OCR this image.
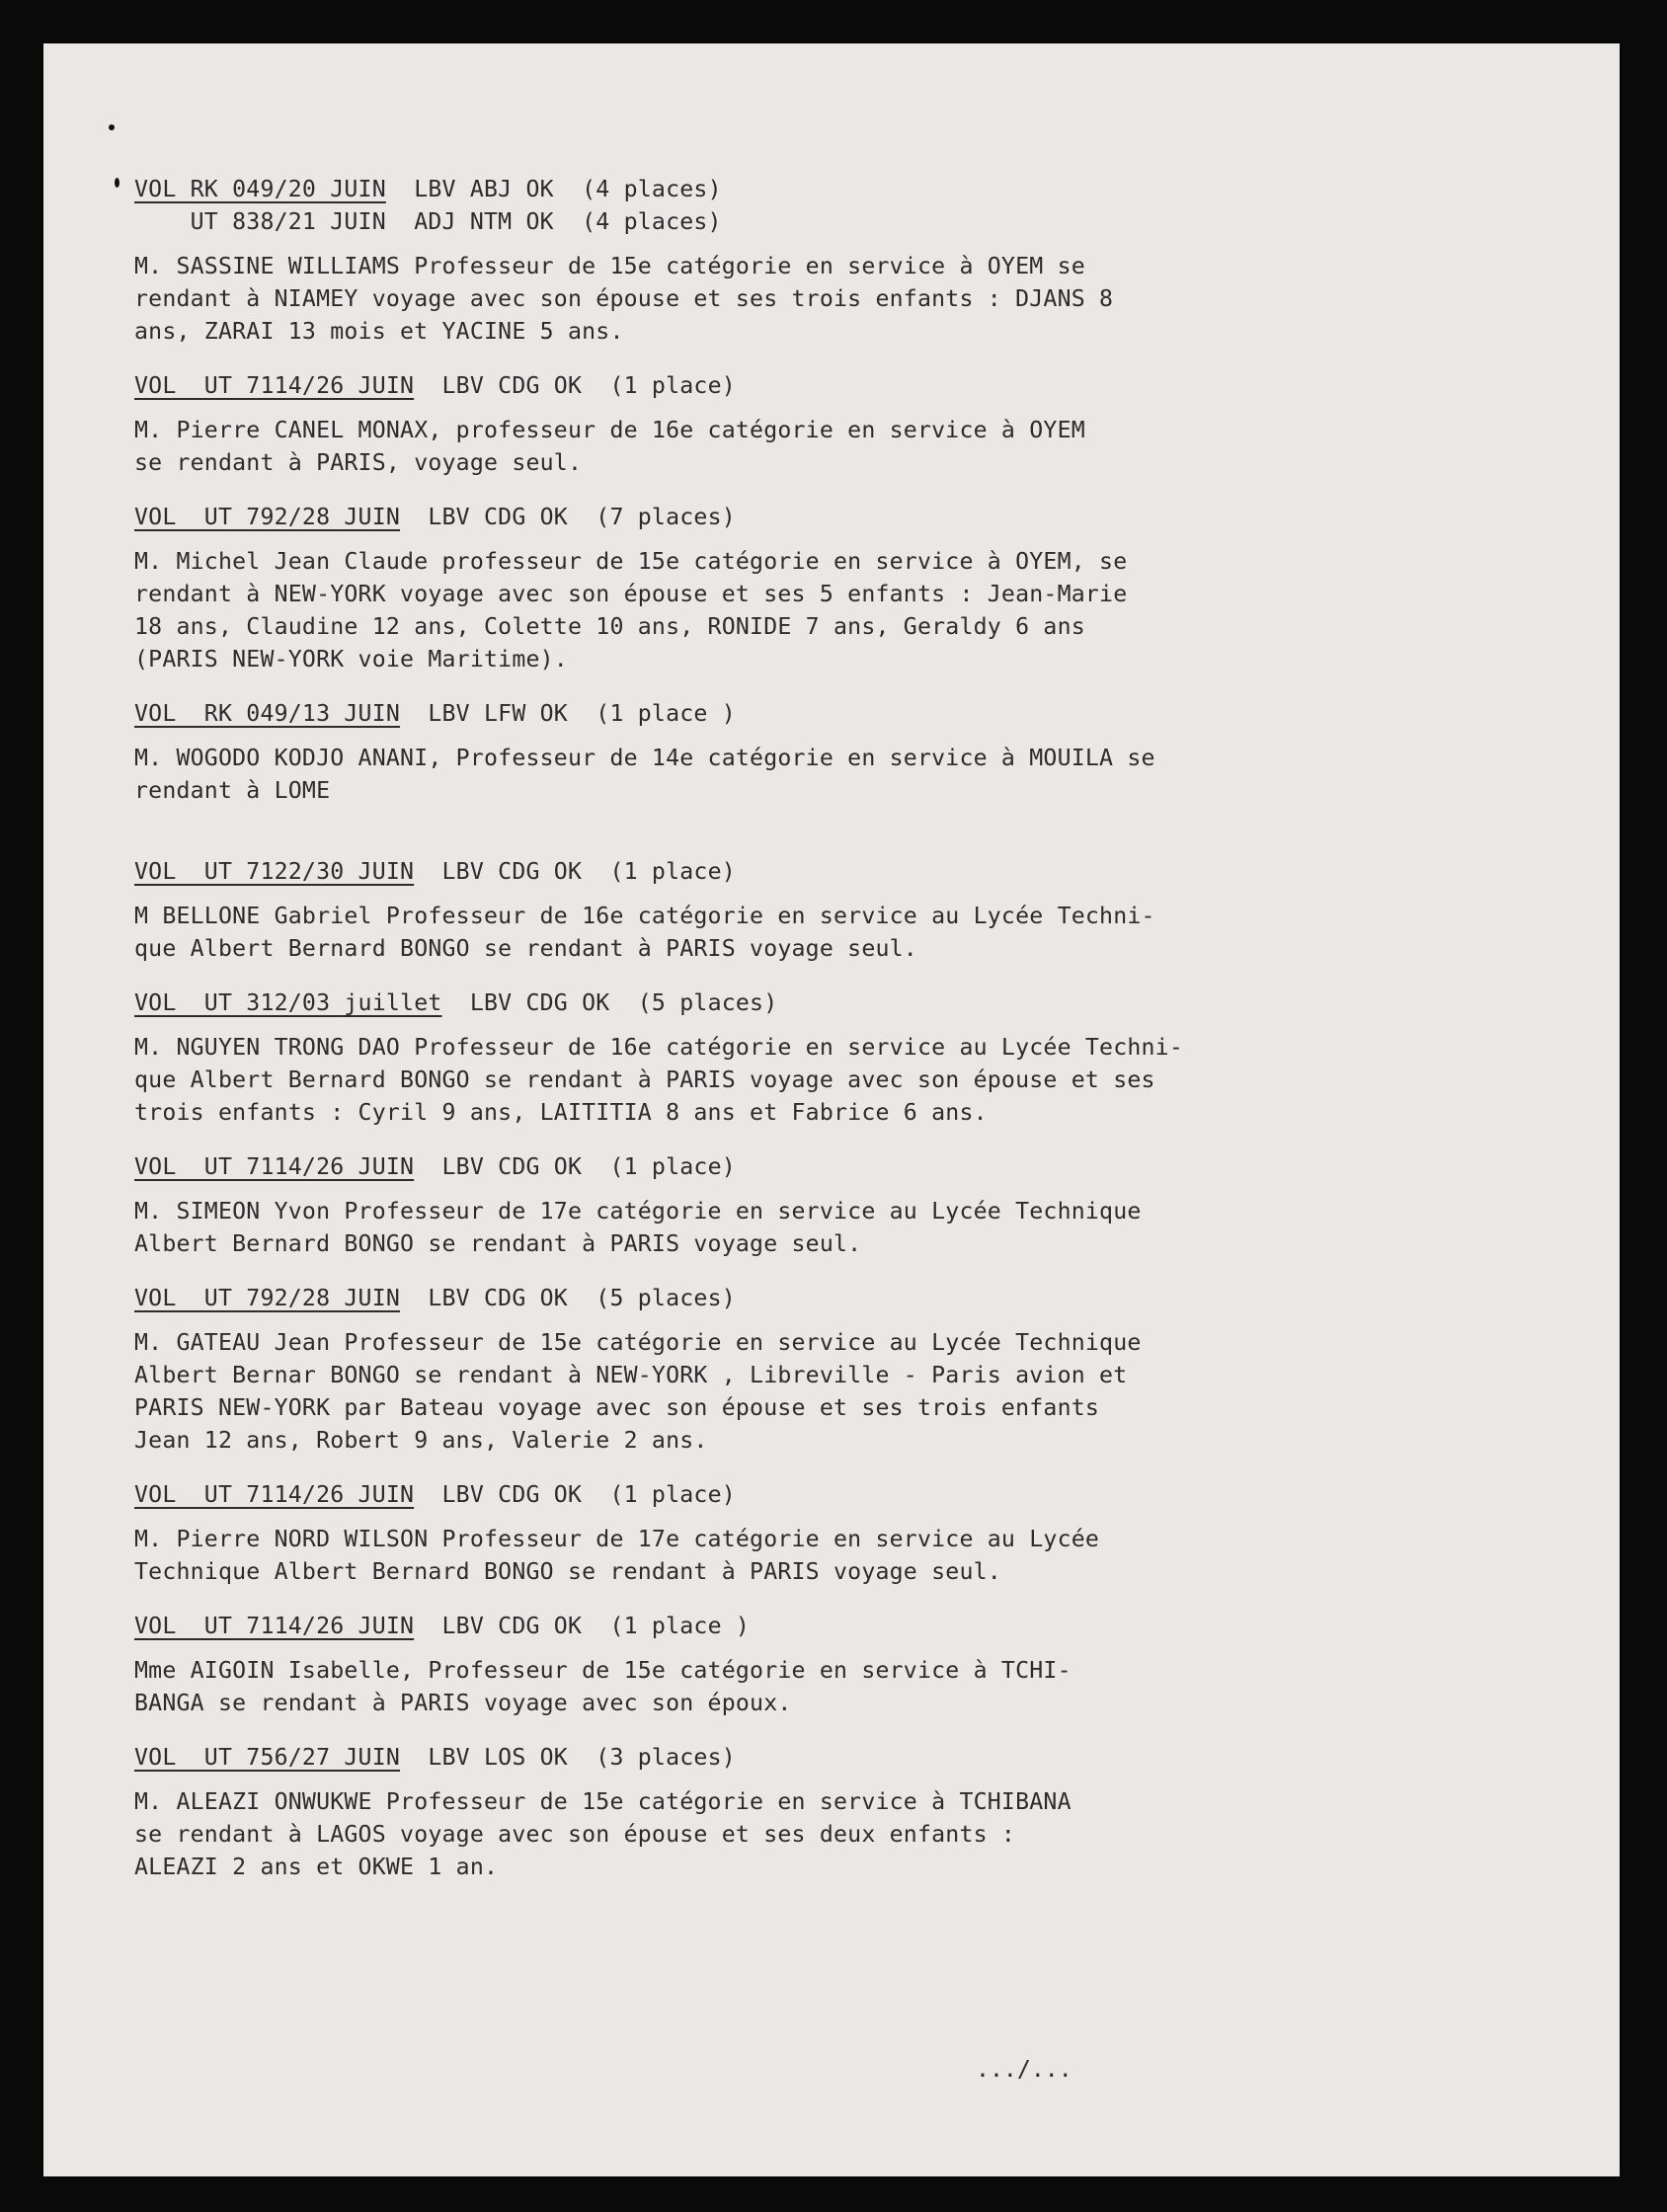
VOL RK 049/20 JUIN  LBV ABJ OK  (4 places)
UT 838/21 JUIN  ADJ NTM OK  (4 places)
M. SASSINE WILLIAMS Professeur de 15e catégorie en service à OYEM se
rendant à NIAMEY voyage avec son épouse et ses trois enfants : DJANS 8
ans, ZARAI 13 mois et YACINE 5 ans.
VOL  UT 7114/26 JUIN  LBV CDG OK  (1 place)
M. Pierre CANEL MONAX, professeur de 16e catégorie en service à OYEM
se rendant à PARIS, voyage seul.
VOL  UT 792/28 JUIN  LBV CDG OK  (7 places)
M. Michel Jean Claude professeur de 15e catégorie en service à OYEM, se
rendant à NEW-YORK voyage avec son épouse et ses 5 enfants : Jean-Marie
18 ans, Claudine 12 ans, Colette 10 ans, RONIDE 7 ans, Geraldy 6 ans
(PARIS NEW-YORK voie Maritime).
VOL  RK 049/13 JUIN  LBV LFW OK  (1 place )
M. WOGODO KODJO ANANI, Professeur de 14e catégorie en service à MOUILA se
rendant à LOME
VOL  UT 7122/30 JUIN  LBV CDG OK  (1 place)
M BELLONE Gabriel Professeur de 16e catégorie en service au Lycée Techni-
que Albert Bernard BONGO se rendant à PARIS voyage seul.
VOL  UT 312/03 juillet  LBV CDG OK  (5 places)
M. NGUYEN TRONG DAO Professeur de 16e catégorie en service au Lycée Techni-
que Albert Bernard BONGO se rendant à PARIS voyage avec son épouse et ses
trois enfants : Cyril 9 ans, LAITITIA 8 ans et Fabrice 6 ans.
VOL  UT 7114/26 JUIN  LBV CDG OK  (1 place)
M. SIMEON Yvon Professeur de 17e catégorie en service au Lycée Technique
Albert Bernard BONGO se rendant à PARIS voyage seul.
VOL  UT 792/28 JUIN  LBV CDG OK  (5 places)
M. GATEAU Jean Professeur de 15e catégorie en service au Lycée Technique
Albert Bernar BONGO se rendant à NEW-YORK , Libreville - Paris avion et
PARIS NEW-YORK par Bateau voyage avec son épouse et ses trois enfants
Jean 12 ans, Robert 9 ans, Valerie 2 ans.
VOL  UT 7114/26 JUIN  LBV CDG OK  (1 place)
M. Pierre NORD WILSON Professeur de 17e catégorie en service au Lycée
Technique Albert Bernard BONGO se rendant à PARIS voyage seul.
VOL  UT 7114/26 JUIN  LBV CDG OK  (1 place )
Mme AIGOIN Isabelle, Professeur de 15e catégorie en service à TCHI-
BANGA se rendant à PARIS voyage avec son époux.
VOL  UT 756/27 JUIN  LBV LOS OK  (3 places)
M. ALEAZI ONWUKWE Professeur de 15e catégorie en service à TCHIBANA
se rendant à LAGOS voyage avec son épouse et ses deux enfants :
ALEAZI 2 ans et OKWE 1 an.
.../...
